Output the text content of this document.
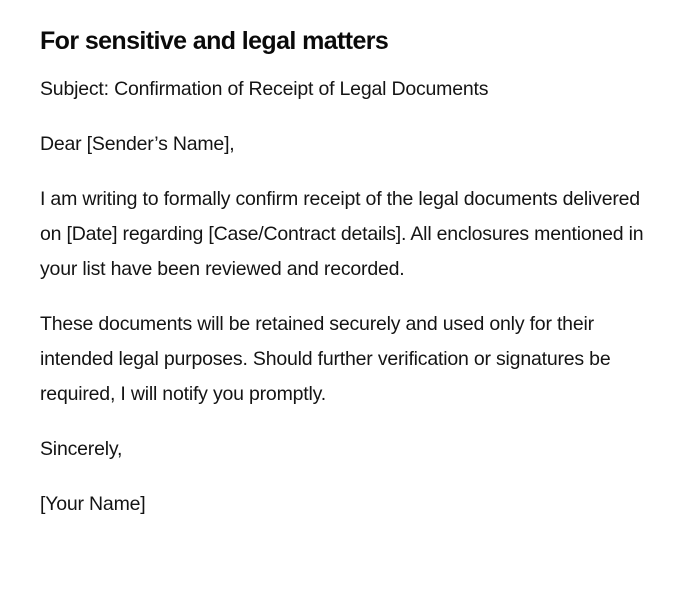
For sensitive and legal matters

Subject: Confirmation of Receipt of Legal Documents

Dear [Sender’s Name],

I am writing to formally confirm receipt of the legal documents delivered on [Date] regarding [Case/Contract details]. All enclosures mentioned in your list have been reviewed and recorded.

These documents will be retained securely and used only for their intended legal purposes. Should further verification or signatures be required, I will notify you promptly.

Sincerely,

[Your Name]
